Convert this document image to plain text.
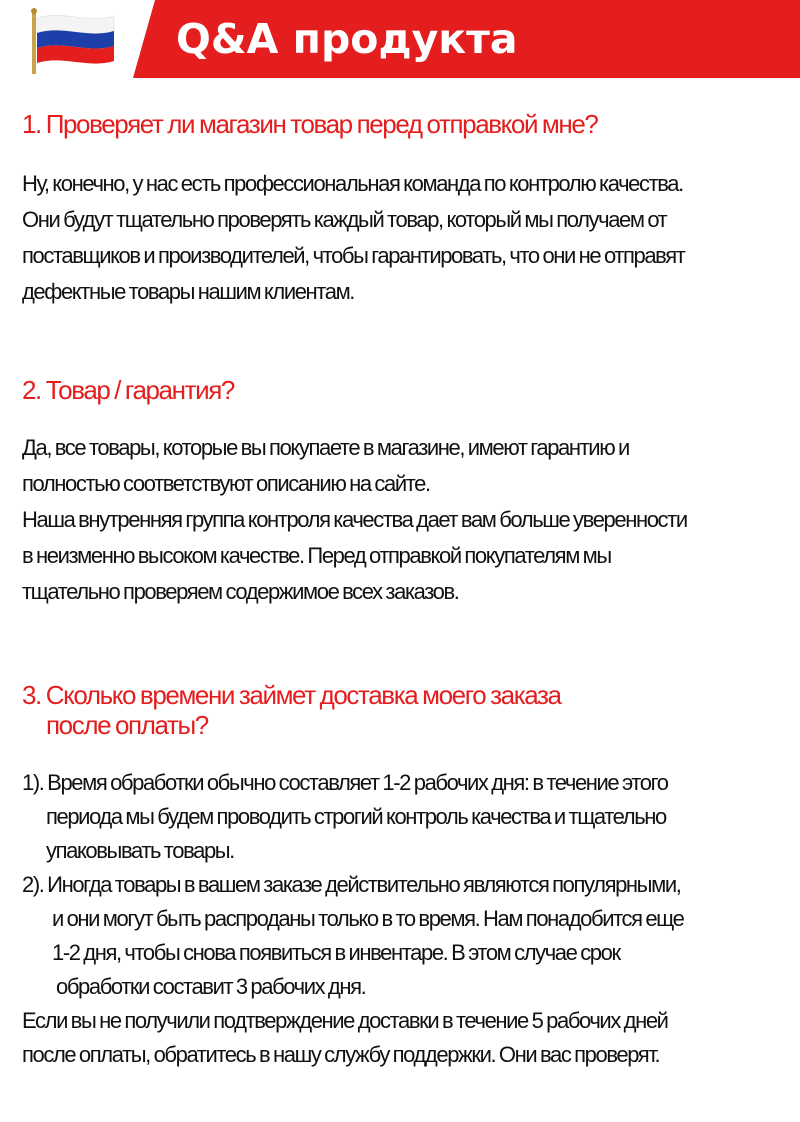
Q&A продукта
1. Проверяет ли магазин товар перед отправкой мне?
Ну, конечно, у нас есть профессиональная команда по контролю качества.
Они будут тщательно проверять каждый товар, который мы получаем от
поставщиков и производителей, чтобы гарантировать, что они не отправят
дефектные товары нашим клиентам.
2. Товар / гарантия?
Да, все товары, которые вы покупаете в магазине, имеют гарантию и
полностью соответствуют описанию на сайте.
Наша внутренняя группа контроля качества дает вам больше уверенности
в неизменно высоком качестве. Перед отправкой покупателям мы
тщательно проверяем содержимое всех заказов.
3. Сколько времени займет доставка моего заказа
после оплаты?
1). Время обработки обычно составляет 1-2 рабочих дня: в течение этого
периода мы будем проводить строгий контроль качества и тщательно
упаковывать товары.
2). Иногда товары в вашем заказе действительно являются популярными,
и они могут быть распроданы только в то время. Нам понадобится еще
1-2 дня, чтобы снова появиться в инвентаре. В этом случае срок
обработки составит 3 рабочих дня.
Если вы не получили подтверждение доставки в течение 5 рабочих дней
после оплаты, обратитесь в нашу службу поддержки. Они вас проверят.
